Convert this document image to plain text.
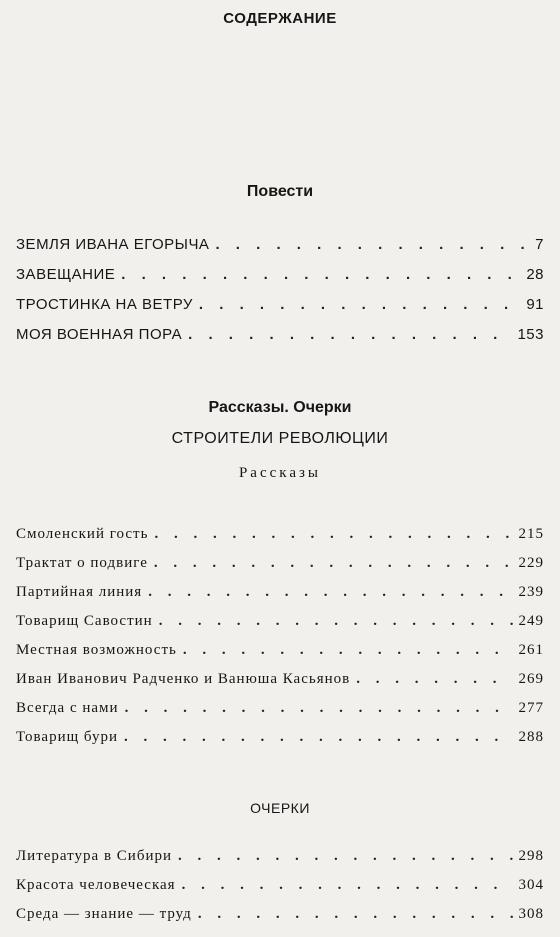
СОДЕРЖАНИЕ
Повести
ЗЕМЛЯ ИВАНА ЕГОРЫЧА . . .	7
ЗАВЕЩАНИЕ . . .	28
ТРОСТИНКА НА ВЕТРУ . . .	91
МОЯ ВОЕННАЯ ПОРА . . .	153
Рассказы. Очерки
СТРОИТЕЛИ РЕВОЛЮЦИИ
Рассказы
Смоленский гость . . .	215
Трактат о подвиге . . .	229
Партийная линия . . .	239
Товарищ Савостин . . .	249
Местная возможность . . .	261
Иван Иванович Радченко и Ванюша Касьянов . . .	269
Всегда с нами . . .	277
Товарищ бури . . .	288
ОЧЕРКИ
Литература в Сибири . . .	298
Красота человеческая . . .	304
Среда — знание — труд . . .	308
